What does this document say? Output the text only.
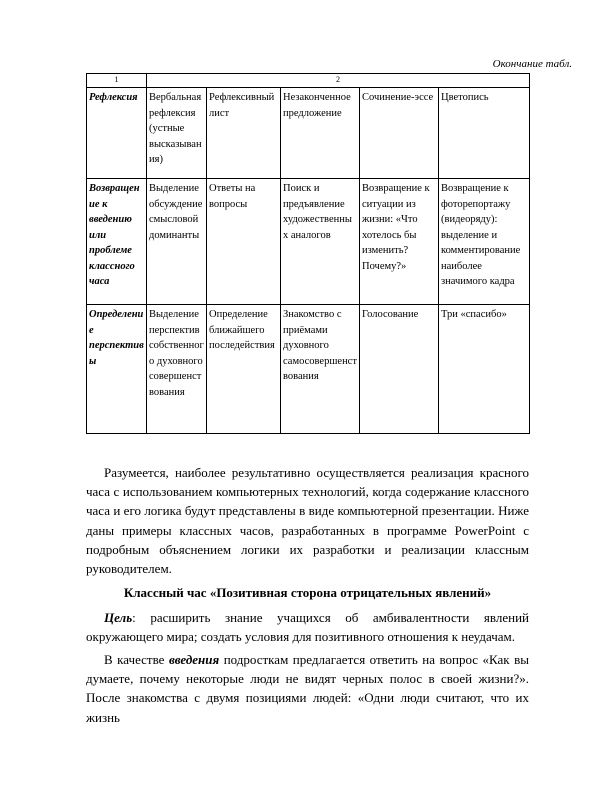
Окончание табл.
1	2				
Рефлексия	Вербальная рефлексия (устные высказывания)	Рефлексивный лист	Незаконченное предложение	Сочинение-эссе	Цветопись
Возвращение к введению или проблеме классного часа	Выделение обсуждение смысловой доминанты	Ответы на вопросы	Поиск и предъявление художественных аналогов	Возвращение к ситуации из жизни: «Что хотелось бы изменить? Почему?»	Возвращение к фоторепортажу (видеоряду): выделение и комментирование наиболее значимого кадра
Определение перспективы	Выделение перспектив собственного духовного совершенствования	Определение ближайшего последействия	Знакомство с приёмами духовного самосовершенствования	Голосование	Три «спасибо»

Разумеется, наиболее результативно осуществляется реализация красного часа с использованием компьютерных технологий, когда содержание классного часа и его логика будут представлены в виде компьютерной презентации. Ниже даны примеры классных часов, разработанных в программе PowerPoint с подробным объяснением логики их разработки и реализации классным руководителем.

Классный час «Позитивная сторона отрицательных явлений»

Цель: расширить знание учащихся об амбивалентности явлений окружающего мира; создать условия для позитивного отношения к неудачам.

В качестве введения подросткам предлагается ответить на вопрос «Как вы думаете, почему некоторые люди не видят черных полос в своей жизни?». После знакомства с двумя позициями людей: «Одни люди считают, что их жизнь
